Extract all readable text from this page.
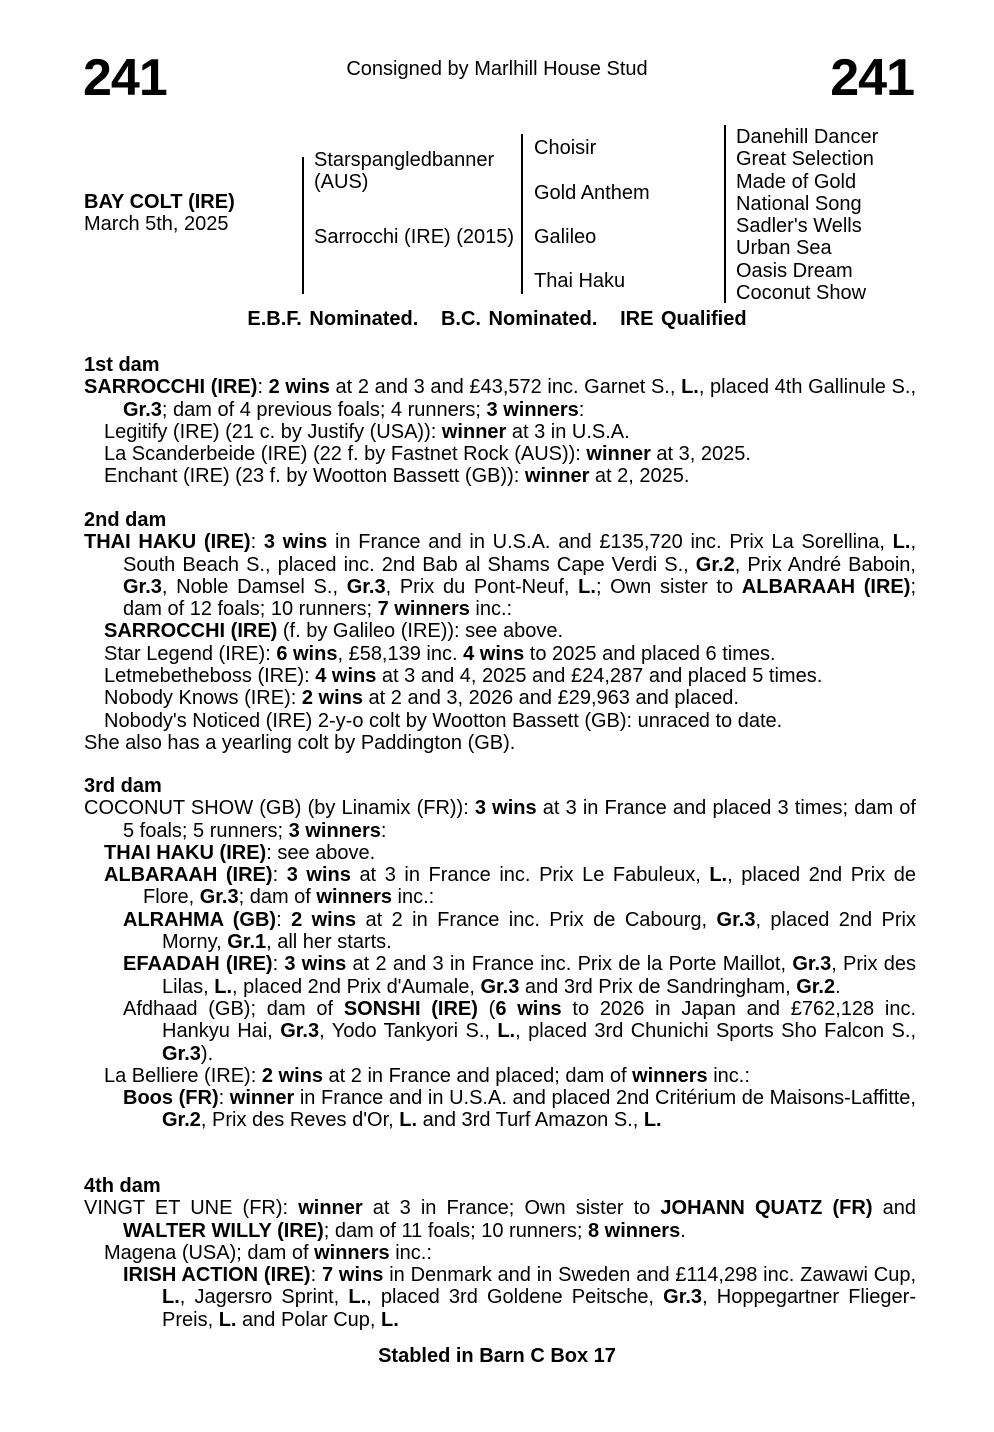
241	Consigned by Marlhill House Stud	241
BAY COLT (IRE)
March 5th, 2025
Starspangledbanner (AUS)
Sarrocchi (IRE) (2015)
Choisir
Gold Anthem
Galileo
Thai Haku
Danehill Dancer
Great Selection
Made of Gold
National Song
Sadler's Wells
Urban Sea
Oasis Dream
Coconut Show
E.B.F. Nominated.   B.C. Nominated.   IRE Qualified
1st dam
SARROCCHI (IRE): 2 wins at 2 and 3 and £43,572 inc. Garnet S., L., placed 4th Gallinule S., Gr.3; dam of 4 previous foals; 4 runners; 3 winners:
Legitify (IRE) (21 c. by Justify (USA)): winner at 3 in U.S.A.
La Scanderbeide (IRE) (22 f. by Fastnet Rock (AUS)): winner at 3, 2025.
Enchant (IRE) (23 f. by Wootton Bassett (GB)): winner at 2, 2025.
2nd dam
THAI HAKU (IRE): 3 wins in France and in U.S.A. and £135,720 inc. Prix La Sorellina, L., South Beach S., placed inc. 2nd Bab al Shams Cape Verdi S., Gr.2, Prix André Baboin, Gr.3, Noble Damsel S., Gr.3, Prix du Pont-Neuf, L.; Own sister to ALBARAAH (IRE); dam of 12 foals; 10 runners; 7 winners inc.:
SARROCCHI (IRE) (f. by Galileo (IRE)): see above.
Star Legend (IRE): 6 wins, £58,139 inc. 4 wins to 2025 and placed 6 times.
Letmebetheboss (IRE): 4 wins at 3 and 4, 2025 and £24,287 and placed 5 times.
Nobody Knows (IRE): 2 wins at 2 and 3, 2026 and £29,963 and placed.
Nobody's Noticed (IRE) 2-y-o colt by Wootton Bassett (GB): unraced to date.
She also has a yearling colt by Paddington (GB).
3rd dam
COCONUT SHOW (GB) (by Linamix (FR)): 3 wins at 3 in France and placed 3 times; dam of 5 foals; 5 runners; 3 winners:
THAI HAKU (IRE): see above.
ALBARAAH (IRE): 3 wins at 3 in France inc. Prix Le Fabuleux, L., placed 2nd Prix de Flore, Gr.3; dam of winners inc.:
ALRAHMA (GB): 2 wins at 2 in France inc. Prix de Cabourg, Gr.3, placed 2nd Prix Morny, Gr.1, all her starts.
EFAADAH (IRE): 3 wins at 2 and 3 in France inc. Prix de la Porte Maillot, Gr.3, Prix des Lilas, L., placed 2nd Prix d'Aumale, Gr.3 and 3rd Prix de Sandringham, Gr.2.
Afdhaad (GB); dam of SONSHI (IRE) (6 wins to 2026 in Japan and £762,128 inc. Hankyu Hai, Gr.3, Yodo Tankyori S., L., placed 3rd Chunichi Sports Sho Falcon S., Gr.3).
La Belliere (IRE): 2 wins at 2 in France and placed; dam of winners inc.:
Boos (FR): winner in France and in U.S.A. and placed 2nd Critérium de Maisons-Laffitte, Gr.2, Prix des Reves d'Or, L. and 3rd Turf Amazon S., L.
4th dam
VINGT ET UNE (FR): winner at 3 in France; Own sister to JOHANN QUATZ (FR) and WALTER WILLY (IRE); dam of 11 foals; 10 runners; 8 winners.
Magena (USA); dam of winners inc.:
IRISH ACTION (IRE): 7 wins in Denmark and in Sweden and £114,298 inc. Zawawi Cup, L., Jagersro Sprint, L., placed 3rd Goldene Peitsche, Gr.3, Hoppegartner Flieger-Preis, L. and Polar Cup, L.
Stabled in Barn C Box 17
